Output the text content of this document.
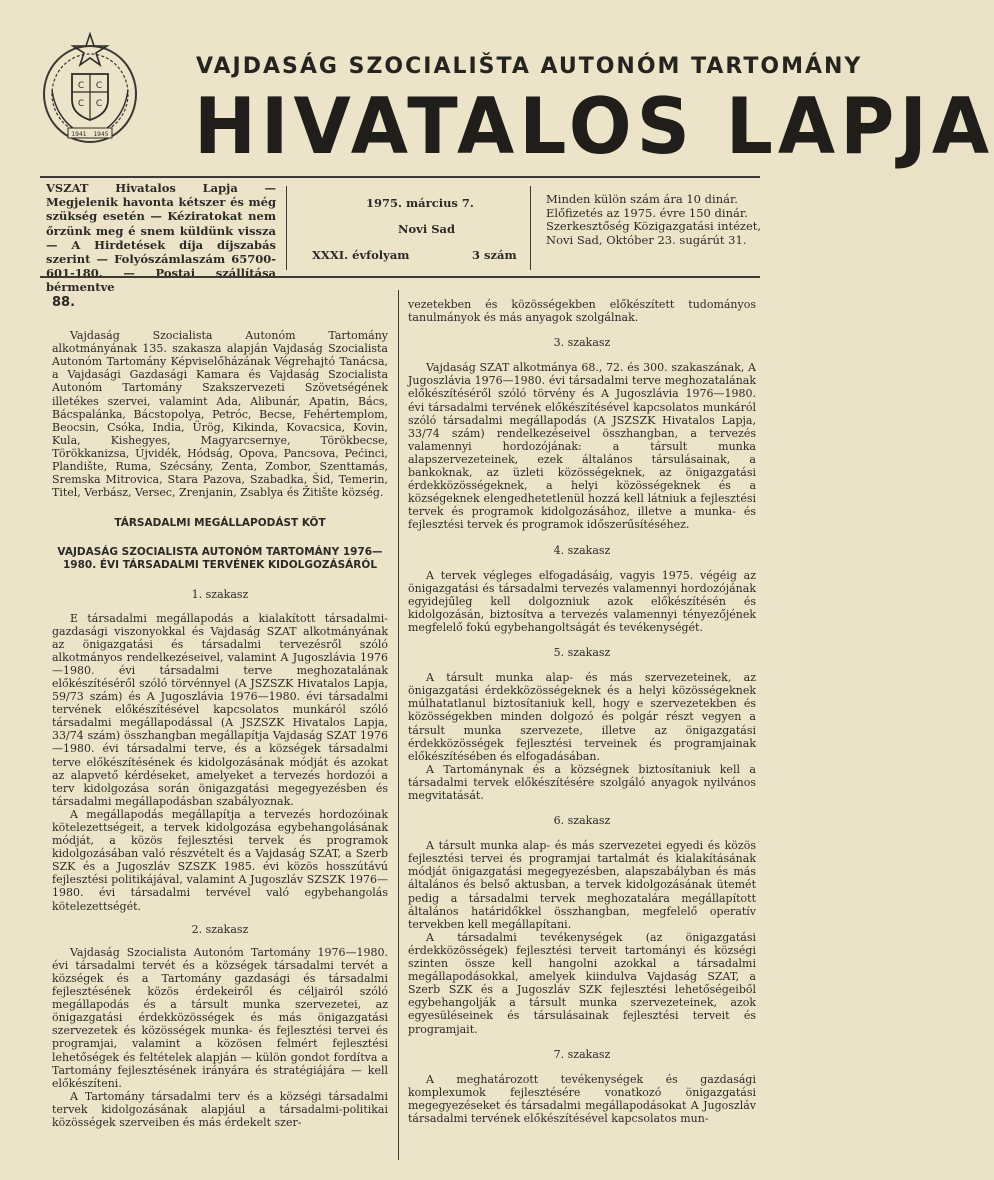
C C
C C
1941 1945
VAJDASÁG SZOCIALIŠTA AUTONÓM TARTOMÁNY
HIVATALOS LAPJA
VSZAT Hivatalos Lapja — Megjelenik havonta kétszer és még szükség esetén — Kéziratokat nem őrzünk meg é snem küldünk vissza — A Hirdetések díja díjszabás szerint — Folyószámlaszám 65700-601-180. — Postai szállítása bérmentve
1975. március 7.
Novi Sad
XXXI. évfolyam	3 szám
Minden külön szám ára 10 dinár. Előfizetés az 1975. évre 150 dinár. Szerkesztőség Közigazgatási intézet, Novi Sad, Október 23. sugárút 31.
88.

Vajdaság Szocialista Autonóm Tartomány alkotmányának 135. szakasza alapján Vajdaság Szocialista Autonóm Tartomány Képviselőházának Végrehajtó Tanácsa, a Vajdasági Gazdasági Kamara és Vajdaság Szocialista Autonóm Tartomány Szakszervezeti Szövetségének illetékes szervei, valamint Ada, Alibunár, Apatin, Bács, Bácspalánka, Bácstopolya, Petróc, Becse, Fehértemplom, Beocsin, Csóka, India, Ürög, Kikinda, Kovacsica, Kovin, Kula, Kishegyes, Magyarcsernye, Törökbecse, Törökkanizsa, Újvidék, Hódság, Opova, Pancsova, Pećinci, Plandište, Ruma, Szécsány, Zenta, Zombor, Szenttamás, Sremska Mitrovica, Stara Pazova, Szabadka, Šid, Temerin, Titel, Verbász, Versec, Zrenjanin, Zsablya és Žitište község.

TÁRSADALMI MEGÁLLAPODÁST KÖT
VAJDASÁG SZOCIALISTA AUTONÓM TARTOMÁNY 1976—1980. ÉVI TÁRSADALMI TERVÉNEK KIDOLGOZÁSÁRÓL
1. szakasz

E társadalmi megállapodás a kialakított társadalmi-gazdasági viszonyokkal és Vajdaság SZAT alkotmányának az önigazgatási és társadalmi tervezésről szóló alkotmányos rendelkezéseivel, valamint A Jugoszlávia 1976—1980. évi társadalmi terve meghozatalának előkészítéséről szóló törvénnyel (A JSZSZK Hivatalos Lapja, 59/73 szám) és A Jugoszlávia 1976—1980. évi társadalmi tervének előkészítésével kapcsolatos munkáról szóló társadalmi megállapodással (A JSZSZK Hivatalos Lapja, 33/74 szám) összhangban megállapítja Vajdaság SZAT 1976—1980. évi társadalmi terve, és a községek társadalmi terve előkészítésének és kidolgozásának módját és azokat az alapvető kérdéseket, amelyeket a tervezés hordozói a terv kidolgozása során önigazgatási megegyezésben és társadalmi megállapodásban szabályoznak.

A megállapodás megállapítja a tervezés hordozóinak kötelezettségeit, a tervek kidolgozása egybehangolásának módját, a közös fejlesztési tervek és programok kidolgozásában való részvételt és a Vajdaság SZAT, a Szerb SZK és a Jugoszláv SZSZK 1985. évi közös hosszútávú fejlesztési politikájával, valamint A Jugoszláv SZSZK 1976—1980. évi társadalmi tervével való egybehangolás kötelezettségét.

2. szakasz

Vajdaság Szocialista Autonóm Tartomány 1976—1980. évi társadalmi tervét és a községek társadalmi tervét a községek és a Tartomány gazdasági és társadalmi fejlesztésének közös érdekeiről és céljairól szóló megállapodás és a társult munka szervezetei, az önigazgatási érdekközösségek és más önigazgatási szervezetek és közösségek munka- és fejlesztési tervei és programjai, valamint a közösen felmért fejlesztési lehetőségek és feltételek alapján — külön gondot fordítva a Tartomány fejlesztésének irányára és stratégiájára — kell előkészíteni.

A Tartomány társadalmi terv és a községi társadalmi tervek kidolgozásának alapjául a társadalmi-politikai közösségek szerveiben és más érdekelt szer-

vezetekben és közösségekben előkészített tudományos tanulmányok és más anyagok szolgálnak.

3. szakasz

Vajdaság SZAT alkotmánya 68., 72. és 300. szakaszának, A Jugoszlávia 1976—1980. évi társadalmi terve meghozatalának előkészítéséről szóló törvény és A Jugoszlávia 1976—1980. évi társadalmi tervének előkészítésével kapcsolatos munkáról szóló társadalmi megállapodás (A JSZSZK Hivatalos Lapja, 33/74 szám) rendelkezéseivel összhangban, a tervezés valamennyi hordozójának: a társult munka alapszervezeteinek, ezek általános társulásainak, a bankoknak, az üzleti közösségeknek, az önigazgatási érdekközösségeknek, a helyi közösségeknek és a községeknek elengedhetetlenül hozzá kell látniuk a fejlesztési tervek és programok kidolgozásához, illetve a munka- és fejlesztési tervek és programok időszerűsítéséhez.

4. szakasz

A tervek végleges elfogadásáig, vagyis 1975. végéig az önigazgatási és társadalmi tervezés valamennyi hordozójának egyidejűleg kell dolgozniuk azok előkészítésén és kidolgozásán, biztosítva a tervezés valamennyi tényezőjének megfelelő fokú egybehangoltságát és tevékenységét.

5. szakasz

A társult munka alap- és más szervezeteinek, az önigazgatási érdekközösségeknek és a helyi közösségeknek múlhatatlanul biztosítaniuk kell, hogy e szervezetekben és közösségekben minden dolgozó és polgár részt vegyen a társult munka szervezete, illetve az önigazgatási érdekközösségek fejlesztési terveinek és programjainak előkészítésében és elfogadásában.

A Tartománynak és a községnek biztosítaniuk kell a társadalmi tervek előkészítésére szolgáló anyagok nyilvános megvitatását.

6. szakasz

A társult munka alap- és más szervezetei egyedi és közös fejlesztési tervei és programjai tartalmát és kialakításának módját önigazgatási megegyezésben, alapszabályban és más általános és belső aktusban, a tervek kidolgozásának ütemét pedig a társadalmi tervek meghozatalára megállapított általános határidőkkel összhangban, megfelelő operatív tervekben kell megállapítani.

A társadalmi tevékenységek (az önigazgatási érdekközösségek) fejlesztési terveit tartományi és községi szinten össze kell hangolni azokkal a társadalmi megállapodásokkal, amelyek kiindulva Vajdaság SZAT, a Szerb SZK és a Jugoszláv SZK fejlesztési lehetőségeiből egybehangolják a társult munka szervezeteinek, azok egyesüléseinek és társulásainak fejlesztési terveit és programjait.

7. szakasz

A meghatározott tevékenységek és gazdasági komplexumok fejlesztésére vonatkozó önigazgatási megegyezéseket és társadalmi megállapodásokat A Jugoszláv társadalmi tervének előkészítésével kapcsolatos mun-
